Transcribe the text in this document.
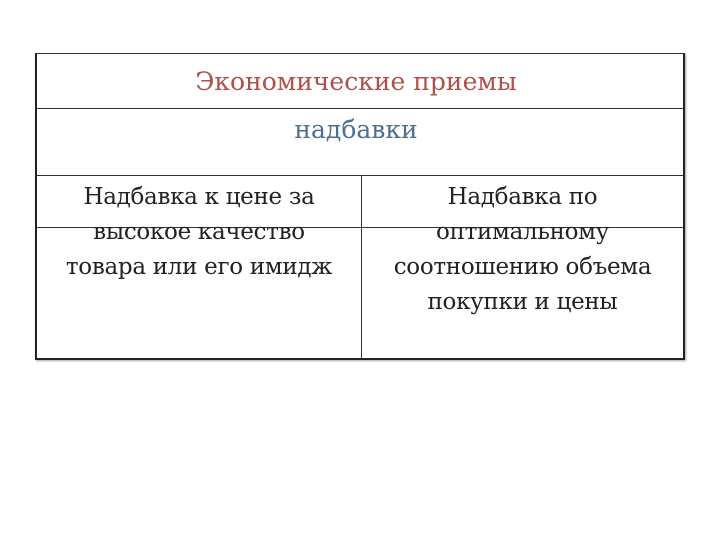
Экономические приемы
надбавки
Надбавка к цене за
высокое качество
товара или его имидж
Надбавка по
оптимальному
соотношению объема
покупки и цены
